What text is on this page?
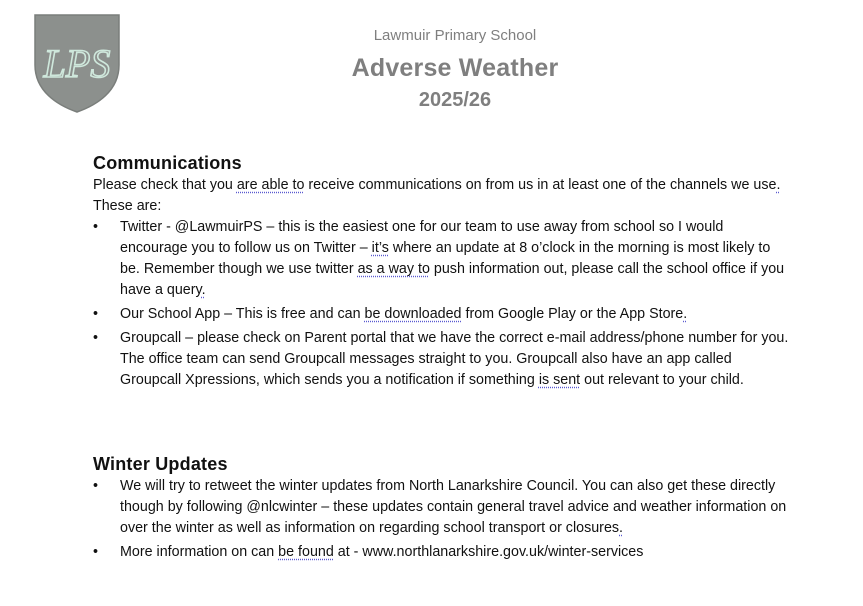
LPS
Lawmuir Primary School
Adverse Weather
2025/26
Communications

Please check that you are able to receive communications on from us in at least one of the channels we use. These are:

• Twitter - @LawmuirPS – this is the easiest one for our team to use away from school so I would encourage you to follow us on Twitter – it’s where an update at 8 o’clock in the morning is most likely to be. Remember though we use twitter as a way to push information out, please call the school office if you have a query.
• Our School App – This is free and can be downloaded from Google Play or the App Store.
• Groupcall – please check on Parent portal that we have the correct e-mail address/phone number for you. The office team can send Groupcall messages straight to you. Groupcall also have an app called Groupcall Xpressions, which sends you a notification if something is sent out relevant to your child.
Winter Updates
• We will try to retweet the winter updates from North Lanarkshire Council. You can also get these directly though by following @nlcwinter – these updates contain general travel advice and weather information on over the winter as well as information on regarding school transport or closures.
• More information on can be found at - www.northlanarkshire.gov.uk/winter-services
